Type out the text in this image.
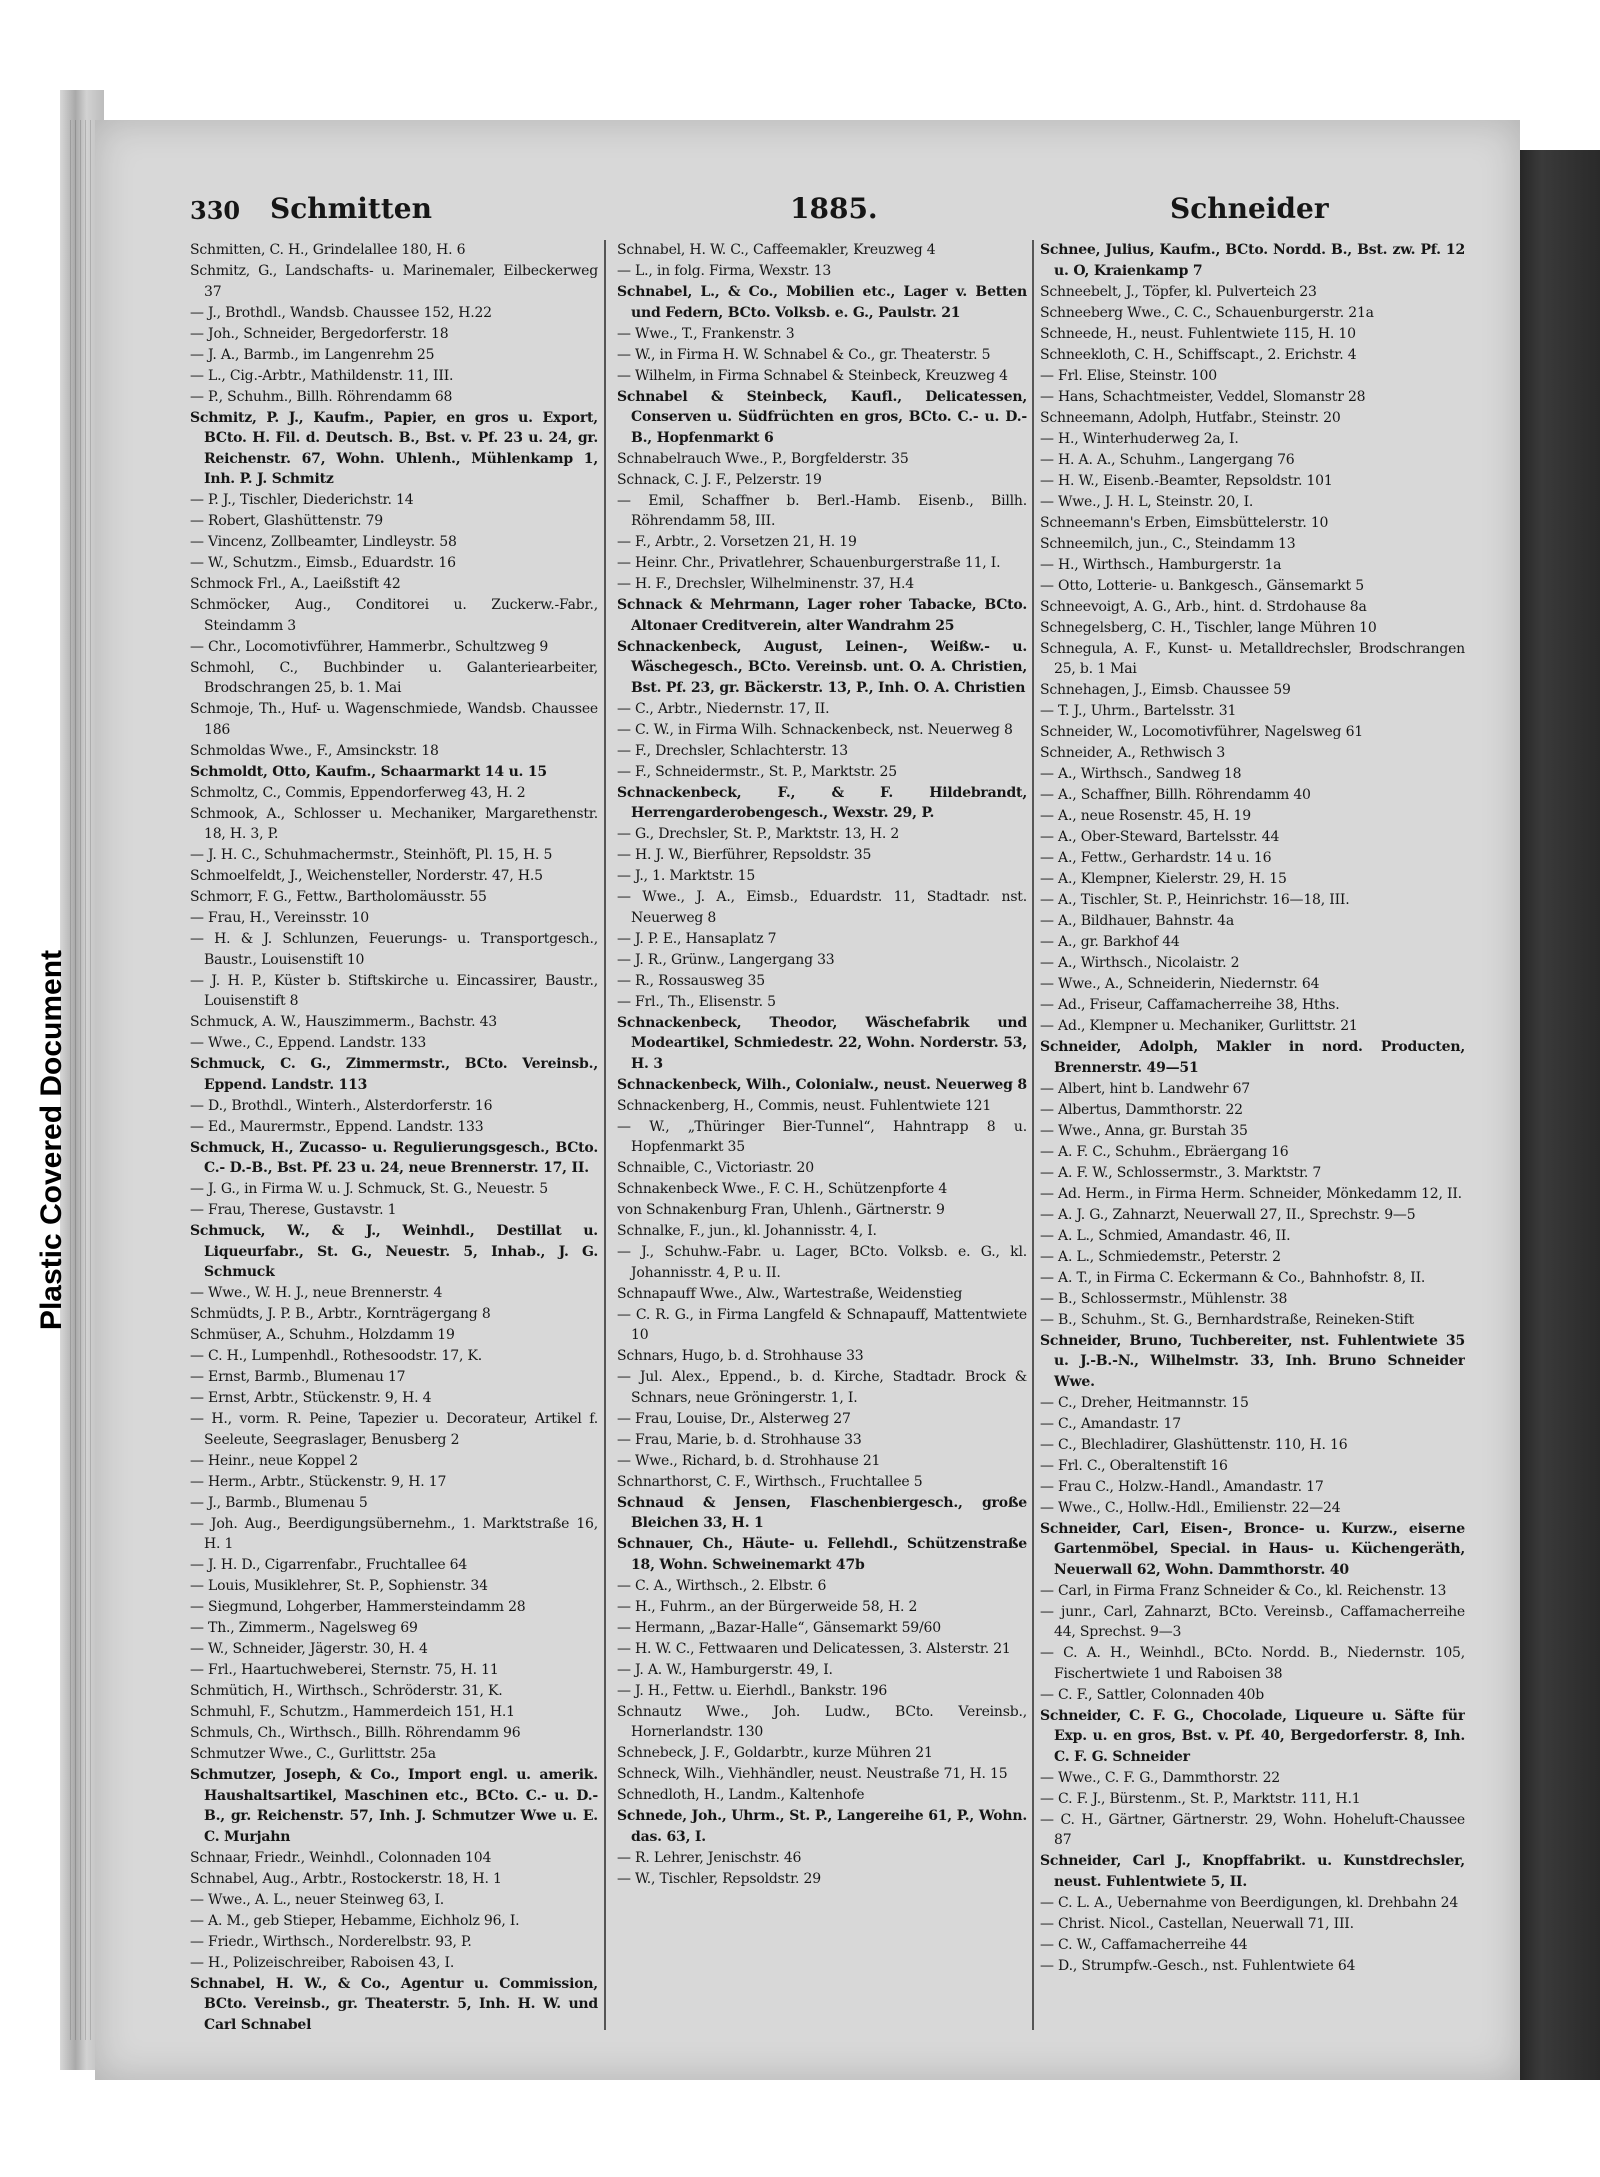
Plastic Covered Document
330 Schmitten	1885.	Schneider
Schmitten, C. H., Grindelallee 180, H. 6
Schmitz, G., Landschafts- u. Marinemaler, Eilbeckerweg 37
— J., Brothdl., Wandsb. Chaussee 152, H.22
— Joh., Schneider, Bergedorferstr. 18
— J. A., Barmb., im Langenrehm 25
— L., Cig.-Arbtr., Mathildenstr. 11, III.
— P., Schuhm., Billh. Röhrendamm 68
Schmitz, P. J., Kaufm., Papier, en gros u. Export, BCto. H. Fil. d. Deutsch. B., Bst. v. Pf. 23 u. 24, gr. Reichenstr. 67, Wohn. Uhlenh., Mühlenkamp 1, Inh. P. J. Schmitz
— P. J., Tischler, Diederichstr. 14
— Robert, Glashüttenstr. 79
— Vincenz, Zollbeamter, Lindleystr. 58
— W., Schutzm., Eimsb., Eduardstr. 16
Schmock Frl., A., Laeißstift 42
Schmöcker, Aug., Conditorei u. Zuckerw.-Fabr., Steindamm 3
— Chr., Locomotivführer, Hammerbr., Schultzweg 9
Schmohl, C., Buchbinder u. Galanteriearbeiter, Brodschrangen 25, b. 1. Mai
Schmoje, Th., Huf- u. Wagenschmiede, Wandsb. Chaussee 186
Schmoldas Wwe., F., Amsinckstr. 18
Schmoldt, Otto, Kaufm., Schaarmarkt 14 u. 15
Schmoltz, C., Commis, Eppendorferweg 43, H. 2
Schmook, A., Schlosser u. Mechaniker, Margarethenstr. 18, H. 3, P.
— J. H. C., Schuhmachermstr., Steinhöft, Pl. 15, H. 5
Schmoelfeldt, J., Weichensteller, Norderstr. 47, H.5
Schmorr, F. G., Fettw., Bartholomäusstr. 55
— Frau, H., Vereinsstr. 10
— H. & J. Schlunzen, Feuerungs- u. Transportgesch., Baustr., Louisenstift 10
— J. H. P., Küster b. Stiftskirche u. Eincassirer, Baustr., Louisenstift 8
Schmuck, A. W., Hauszimmerm., Bachstr. 43
— Wwe., C., Eppend. Landstr. 133
Schmuck, C. G., Zimmermstr., BCto. Vereinsb., Eppend. Landstr. 113
— D., Brothdl., Winterh., Alsterdorferstr. 16
— Ed., Maurermstr., Eppend. Landstr. 133
Schmuck, H., Zucasso- u. Regulierungsgesch., BCto. C.- D.-B., Bst. Pf. 23 u. 24, neue Brennerstr. 17, II.
— J. G., in Firma W. u. J. Schmuck, St. G., Neuestr. 5
— Frau, Therese, Gustavstr. 1
Schmuck, W., & J., Weinhdl., Destillat u. Liqueurfabr., St. G., Neuestr. 5, Inhab., J. G. Schmuck
— Wwe., W. H. J., neue Brennerstr. 4
Schmüdts, J. P. B., Arbtr., Kornträgergang 8
Schmüser, A., Schuhm., Holzdamm 19
— C. H., Lumpenhdl., Rothesoodstr. 17, K.
— Ernst, Barmb., Blumenau 17
— Ernst, Arbtr., Stückenstr. 9, H. 4
— H., vorm. R. Peine, Tapezier u. Decorateur, Artikel f. Seeleute, Seegraslager, Benusberg 2
— Heinr., neue Koppel 2
— Herm., Arbtr., Stückenstr. 9, H. 17
— J., Barmb., Blumenau 5
— Joh. Aug., Beerdigungsübernehm., 1. Marktstraße 16, H. 1
— J. H. D., Cigarrenfabr., Fruchtallee 64
— Louis, Musiklehrer, St. P., Sophienstr. 34
— Siegmund, Lohgerber, Hammersteindamm 28
— Th., Zimmerm., Nagelsweg 69
— W., Schneider, Jägerstr. 30, H. 4
— Frl., Haartuchweberei, Sternstr. 75, H. 11
Schmütich, H., Wirthsch., Schröderstr. 31, K.
Schmuhl, F., Schutzm., Hammerdeich 151, H.1
Schmuls, Ch., Wirthsch., Billh. Röhrendamm 96
Schmutzer Wwe., C., Gurlittstr. 25a
Schmutzer, Joseph, & Co., Import engl. u. amerik. Haushaltsartikel, Maschinen etc., BCto. C.- u. D.-B., gr. Reichenstr. 57, Inh. J. Schmutzer Wwe u. E. C. Murjahn
Schnaar, Friedr., Weinhdl., Colonnaden 104
Schnabel, Aug., Arbtr., Rostockerstr. 18, H. 1
— Wwe., A. L., neuer Steinweg 63, I.
— A. M., geb Stieper, Hebamme, Eichholz 96, I.
— Friedr., Wirthsch., Norderelbstr. 93, P.
— H., Polizeischreiber, Raboisen 43, I.
Schnabel, H. W., & Co., Agentur u. Commission, BCto. Vereinsb., gr. Theaterstr. 5, Inh. H. W. und Carl Schnabel
Schnabel, H. W. C., Caffeemakler, Kreuzweg 4
— L., in folg. Firma, Wexstr. 13
Schnabel, L., & Co., Mobilien etc., Lager v. Betten und Federn, BCto. Volksb. e. G., Paulstr. 21
— Wwe., T., Frankenstr. 3
— W., in Firma H. W. Schnabel & Co., gr. Theaterstr. 5
— Wilhelm, in Firma Schnabel & Steinbeck, Kreuzweg 4
Schnabel & Steinbeck, Kaufl., Delicatessen, Conserven u. Südfrüchten en gros, BCto. C.- u. D.-B., Hopfenmarkt 6
Schnabelrauch Wwe., P., Borgfelderstr. 35
Schnack, C. J. F., Pelzerstr. 19
— Emil, Schaffner b. Berl.-Hamb. Eisenb., Billh. Röhrendamm 58, III.
— F., Arbtr., 2. Vorsetzen 21, H. 19
— Heinr. Chr., Privatlehrer, Schauenburgerstraße 11, I.
— H. F., Drechsler, Wilhelminenstr. 37, H.4
Schnack & Mehrmann, Lager roher Tabacke, BCto. Altonaer Creditverein, alter Wandrahm 25
Schnackenbeck, August, Leinen-, Weißw.- u. Wäschegesch., BCto. Vereinsb. unt. O. A. Christien, Bst. Pf. 23, gr. Bäckerstr. 13, P., Inh. O. A. Christien
— C., Arbtr., Niedernstr. 17, II.
— C. W., in Firma Wilh. Schnackenbeck, nst. Neuerweg 8
— F., Drechsler, Schlachterstr. 13
— F., Schneidermstr., St. P., Marktstr. 25
Schnackenbeck, F., & F. Hildebrandt, Herrengarderobengesch., Wexstr. 29, P.
— G., Drechsler, St. P., Marktstr. 13, H. 2
— H. J. W., Bierführer, Repsoldstr. 35
— J., 1. Marktstr. 15
— Wwe., J. A., Eimsb., Eduardstr. 11, Stadtadr. nst. Neuerweg 8
— J. P. E., Hansaplatz 7
— J. R., Grünw., Langergang 33
— R., Rossausweg 35
— Frl., Th., Elisenstr. 5
Schnackenbeck, Theodor, Wäschefabrik und Modeartikel, Schmiedestr. 22, Wohn. Norderstr. 53, H. 3
Schnackenbeck, Wilh., Colonialw., neust. Neuerweg 8
Schnackenberg, H., Commis, neust. Fuhlentwiete 121
— W., „Thüringer Bier-Tunnel“, Hahntrapp 8 u. Hopfenmarkt 35
Schnaible, C., Victoriastr. 20
Schnakenbeck Wwe., F. C. H., Schützenpforte 4
von Schnakenburg Fran, Uhlenh., Gärtnerstr. 9
Schnalke, F., jun., kl. Johannisstr. 4, I.
— J., Schuhw.-Fabr. u. Lager, BCto. Volksb. e. G., kl. Johannisstr. 4, P. u. II.
Schnapauff Wwe., Alw., Wartestraße, Weidenstieg
— C. R. G., in Firma Langfeld & Schnapauff, Mattentwiete 10
Schnars, Hugo, b. d. Strohhause 33
— Jul. Alex., Eppend., b. d. Kirche, Stadtadr. Brock & Schnars, neue Gröningerstr. 1, I.
— Frau, Louise, Dr., Alsterweg 27
— Frau, Marie, b. d. Strohhause 33
— Wwe., Richard, b. d. Strohhause 21
Schnarthorst, C. F., Wirthsch., Fruchtallee 5
Schnaud & Jensen, Flaschenbiergesch., große Bleichen 33, H. 1
Schnauer, Ch., Häute- u. Fellehdl., Schützenstraße 18, Wohn. Schweinemarkt 47b
— C. A., Wirthsch., 2. Elbstr. 6
— H., Fuhrm., an der Bürgerweide 58, H. 2
— Hermann, „Bazar-Halle“, Gänsemarkt 59/60
— H. W. C., Fettwaaren und Delicatessen, 3. Alsterstr. 21
— J. A. W., Hamburgerstr. 49, I.
— J. H., Fettw. u. Eierhdl., Bankstr. 196
Schnautz Wwe., Joh. Ludw., BCto. Vereinsb., Hornerlandstr. 130
Schnebeck, J. F., Goldarbtr., kurze Mühren 21
Schneck, Wilh., Viehhändler, neust. Neustraße 71, H. 15
Schnedloth, H., Landm., Kaltenhofe
Schnede, Joh., Uhrm., St. P., Langereihe 61, P., Wohn. das. 63, I.
— R. Lehrer, Jenischstr. 46
— W., Tischler, Repsoldstr. 29
Schnee, Julius, Kaufm., BCto. Nordd. B., Bst. zw. Pf. 12 u. O, Kraienkamp 7
Schneebelt, J., Töpfer, kl. Pulverteich 23
Schneeberg Wwe., C. C., Schauenburgerstr. 21a
Schneede, H., neust. Fuhlentwiete 115, H. 10
Schneekloth, C. H., Schiffscapt., 2. Erichstr. 4
— Frl. Elise, Steinstr. 100
— Hans, Schachtmeister, Veddel, Slomanstr 28
Schneemann, Adolph, Hutfabr., Steinstr. 20
— H., Winterhuderweg 2a, I.
— H. A. A., Schuhm., Langergang 76
— H. W., Eisenb.-Beamter, Repsoldstr. 101
— Wwe., J. H. L, Steinstr. 20, I.
Schneemann's Erben, Eimsbüttelerstr. 10
Schneemilch, jun., C., Steindamm 13
— H., Wirthsch., Hamburgerstr. 1a
— Otto, Lotterie- u. Bankgesch., Gänsemarkt 5
Schneevoigt, A. G., Arb., hint. d. Strdohause 8a
Schnegelsberg, C. H., Tischler, lange Mühren 10
Schnegula, A. F., Kunst- u. Metalldrechsler, Brodschrangen 25, b. 1 Mai
Schnehagen, J., Eimsb. Chaussee 59
— T. J., Uhrm., Bartelsstr. 31
Schneider, W., Locomotivführer, Nagelsweg 61
Schneider, A., Rethwisch 3
— A., Wirthsch., Sandweg 18
— A., Schaffner, Billh. Röhrendamm 40
— A., neue Rosenstr. 45, H. 19
— A., Ober-Steward, Bartelsstr. 44
— A., Fettw., Gerhardstr. 14 u. 16
— A., Klempner, Kielerstr. 29, H. 15
— A., Tischler, St. P., Heinrichstr. 16—18, III.
— A., Bildhauer, Bahnstr. 4a
— A., gr. Barkhof 44
— A., Wirthsch., Nicolaistr. 2
— Wwe., A., Schneiderin, Niedernstr. 64
— Ad., Friseur, Caffamacherreihe 38, Hths.
— Ad., Klempner u. Mechaniker, Gurlittstr. 21
Schneider, Adolph, Makler in nord. Producten, Brennerstr. 49—51
— Albert, hint b. Landwehr 67
— Albertus, Dammthorstr. 22
— Wwe., Anna, gr. Burstah 35
— A. F. C., Schuhm., Ebräergang 16
— A. F. W., Schlossermstr., 3. Marktstr. 7
— Ad. Herm., in Firma Herm. Schneider, Mönkedamm 12, II.
— A. J. G., Zahnarzt, Neuerwall 27, II., Sprechstr. 9—5
— A. L., Schmied, Amandastr. 46, II.
— A. L., Schmiedemstr., Peterstr. 2
— A. T., in Firma C. Eckermann & Co., Bahnhofstr. 8, II.
— B., Schlossermstr., Mühlenstr. 38
— B., Schuhm., St. G., Bernhardstraße, Reineken-Stift
Schneider, Bruno, Tuchbereiter, nst. Fuhlentwiete 35 u. J.-B.-N., Wilhelmstr. 33, Inh. Bruno Schneider Wwe.
— C., Dreher, Heitmannstr. 15
— C., Amandastr. 17
— C., Blechladirer, Glashüttenstr. 110, H. 16
— Frl. C., Oberaltenstift 16
— Frau C., Holzw.-Handl., Amandastr. 17
— Wwe., C., Hollw.-Hdl., Emilienstr. 22—24
Schneider, Carl, Eisen-, Bronce- u. Kurzw., eiserne Gartenmöbel, Special. in Haus- u. Küchengeräth, Neuerwall 62, Wohn. Dammthorstr. 40
— Carl, in Firma Franz Schneider & Co., kl. Reichenstr. 13
— junr., Carl, Zahnarzt, BCto. Vereinsb., Caffamacherreihe 44, Sprechst. 9—3
— C. A. H., Weinhdl., BCto. Nordd. B., Niedernstr. 105, Fischertwiete 1 und Raboisen 38
— C. F., Sattler, Colonnaden 40b
Schneider, C. F. G., Chocolade, Liqueure u. Säfte für Exp. u. en gros, Bst. v. Pf. 40, Bergedorferstr. 8, Inh. C. F. G. Schneider
— Wwe., C. F. G., Dammthorstr. 22
— C. F. J., Bürstenm., St. P., Marktstr. 111, H.1
— C. H., Gärtner, Gärtnerstr. 29, Wohn. Hoheluft-Chaussee 87
Schneider, Carl J., Knopffabrikt. u. Kunstdrechsler, neust. Fuhlentwiete 5, II.
— C. L. A., Uebernahme von Beerdigungen, kl. Drehbahn 24
— Christ. Nicol., Castellan, Neuerwall 71, III.
— C. W., Caffamacherreihe 44
— D., Strumpfw.-Gesch., nst. Fuhlentwiete 64
